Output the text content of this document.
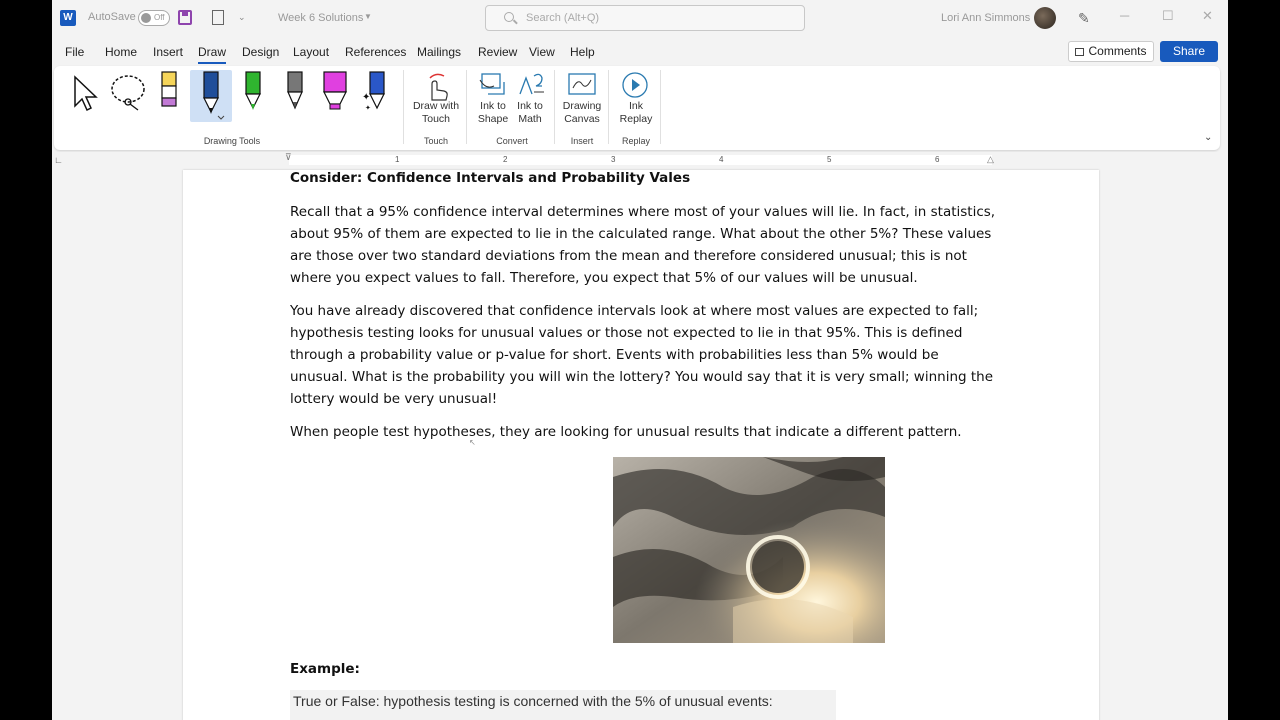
W AutoSave Off	⌄	Week 6 Solutions ▼	Search (Alt+Q)	Lori Ann Simmons	✎ ─	☐ ✕
File Home Insert Draw Design Layout References Mailings Review View Help	Comments	Share
✦
✦
Drawing Tools
Draw with
Touch
Touch
Ink to
Shape
Ink to
Math
Convert
Drawing
Canvas
Insert
Ink
Replay
Replay	⌄
∟	1	2	3	4	5	6
⊽	△
Consider: Confidence Intervals and Probability Vales
Recall that a 95% confidence interval determines where most of your values will lie. In fact, in statistics,
about 95% of them are expected to lie in the calculated range. What about the other 5%? These values
are those over two standard deviations from the mean and therefore considered unusual; this is not
where you expect values to fall. Therefore, you expect that 5% of our values will be unusual.
You have already discovered that confidence intervals look at where most values are expected to fall;
hypothesis testing looks for unusual values or those not expected to lie in that 95%. This is defined
through a probability value or p-value for short. Events with probabilities less than 5% would be
unusual. What is the probability you will win the lottery? You would say that it is very small; winning the
lottery would be very unusual!
When people test hypotheses, they are looking for unusual results that indicate a different pattern.
Example:
True or False: hypothesis testing is concerned with the 5% of unusual events:
↖
